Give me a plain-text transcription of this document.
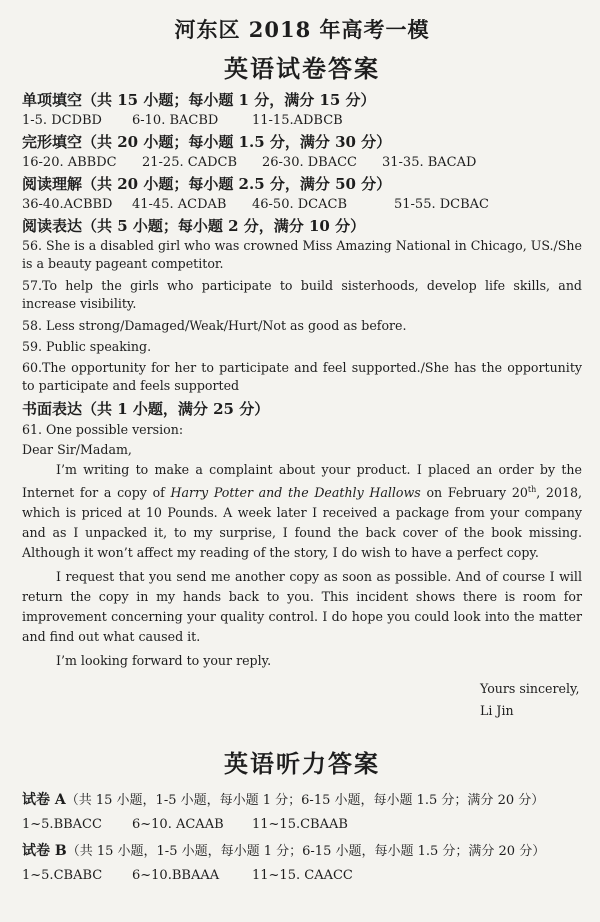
河东区 2018 年高考一模
英语试卷答案

单项填空（共 15 小题；每小题 1 分，满分 15 分）

1-5. DCDBD	6-10. BACBD	11-15.ADBCB

完形填空（共 20 小题；每小题 1.5 分，满分 30 分）

16-20. ABBDC	21-25. CADCB	26-30. DBACC	31-35. BACAD

阅读理解（共 20 小题；每小题 2.5 分，满分 50 分）

36-40.ACBBD	41-45. ACDAB	46-50. DCACB	51-55. DCBAC

阅读表达（共 5 小题；每小题 2 分，满分 10 分）

56. She is a disabled girl who was crowned Miss Amazing National in Chicago, US./She is a beauty pageant competitor.

57.To help the girls who participate to build sisterhoods, develop life skills, and increase visibility.

58. Less strong/Damaged/Weak/Hurt/Not as good as before.

59. Public speaking.

60.The opportunity for her to participate and feel supported./She has the opportunity to participate and feels supported

书面表达（共 1 小题，满分 25 分）

61. One possible version:

Dear Sir/Madam,

I’m writing to make a complaint about your product. I placed an order by the Internet for a copy of Harry Potter and the Deathly Hallows on February 20th, 2018, which is priced at 10 Pounds. A week later I received a package from your company and as I unpacked it, to my surprise, I found the back cover of the book missing. Although it won’t affect my reading of the story, I do wish to have a perfect copy.

I request that you send me another copy as soon as possible. And of course I will return the copy in my hands back to you. This incident shows there is room for improvement concerning your quality control. I do hope you could look into the matter and find out what caused it.

I’m looking forward to your reply.

Yours sincerely,
Li Jin
英语听力答案

试卷 A（共 15 小题，1-5 小题，每小题 1 分；6-15 小题，每小题 1.5 分；满分 20 分）

1~5.BBACC	6~10. ACAAB	11~15.CBAAB

试卷 B（共 15 小题，1-5 小题，每小题 1 分；6-15 小题，每小题 1.5 分；满分 20 分）

1~5.CBABC	6~10.BBAAA	11~15. CAACC
